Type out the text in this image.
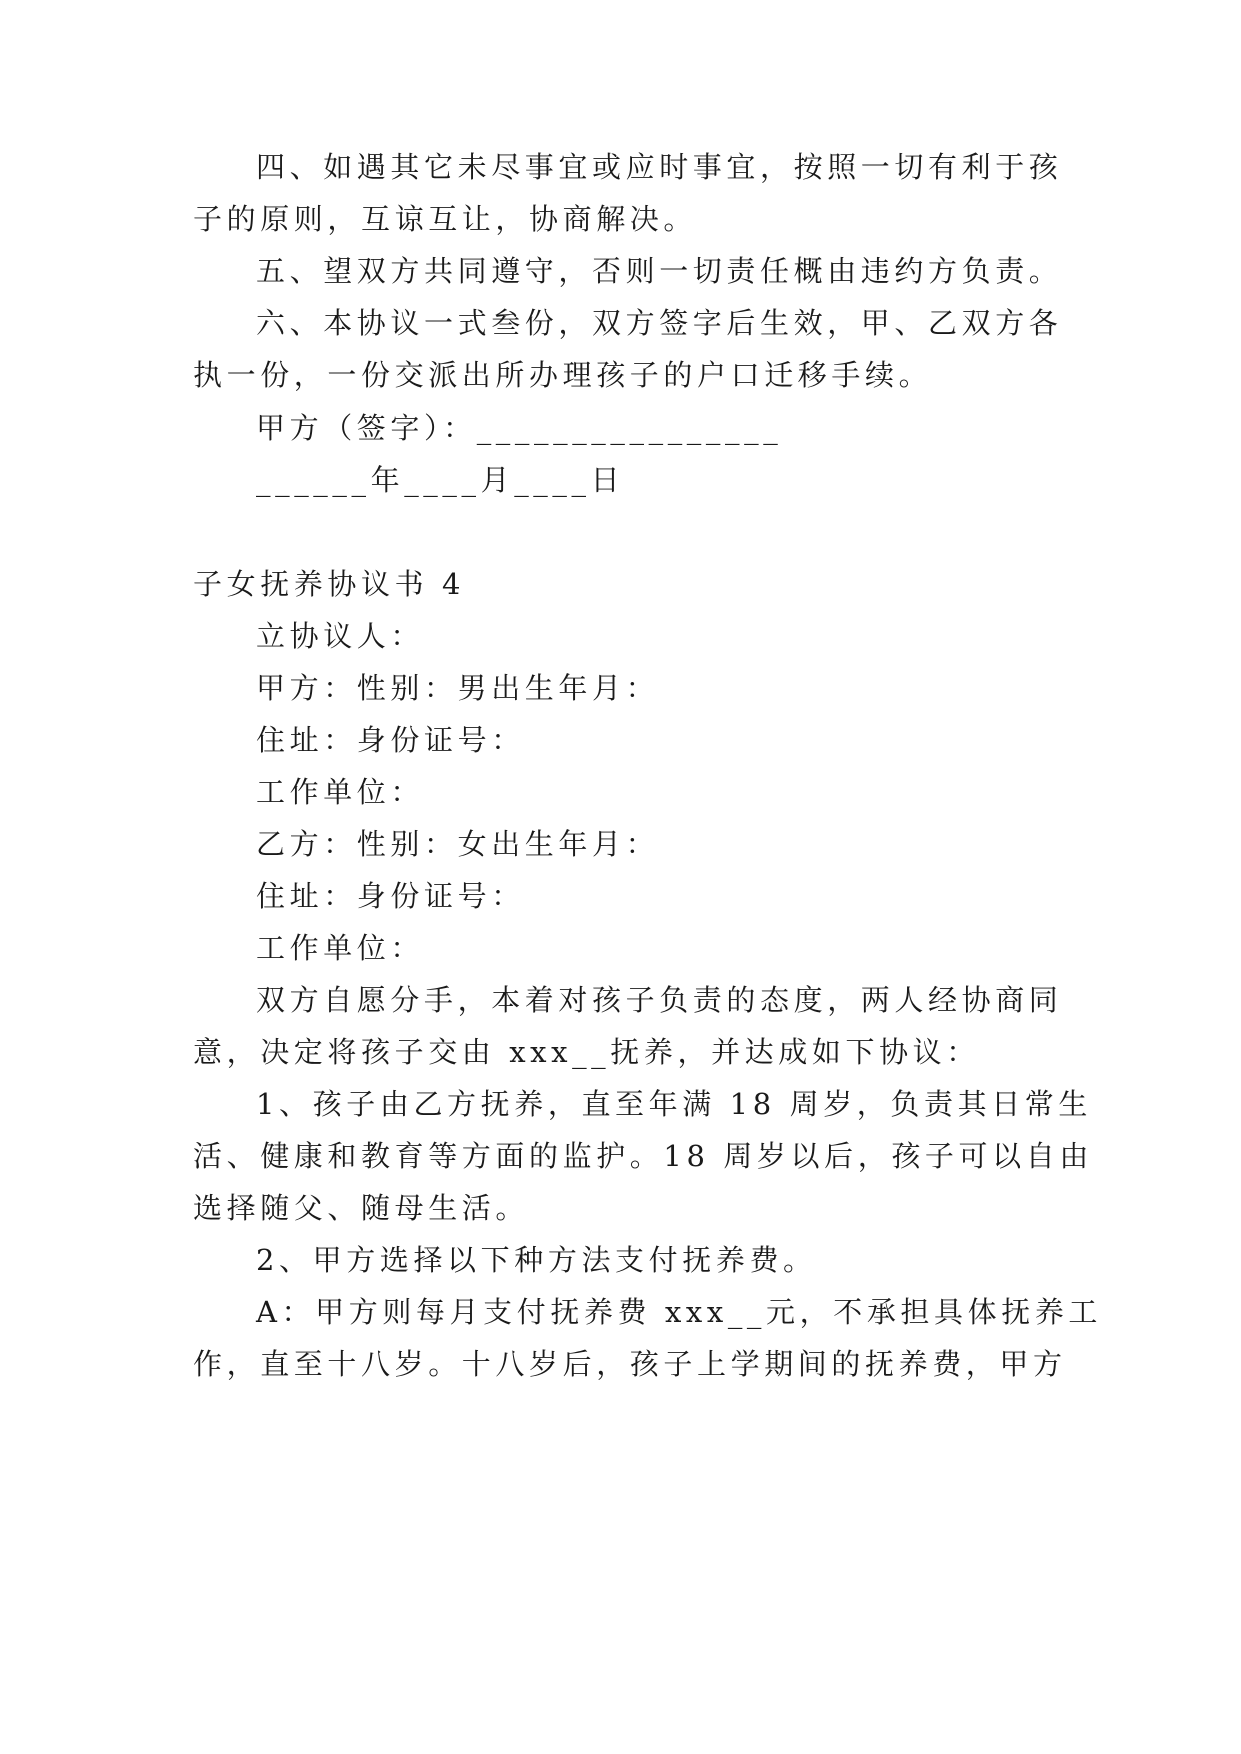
四、如遇其它未尽事宜或应时事宜，按照一切有利于孩
子的原则，互谅互让，协商解决。
五、望双方共同遵守，否则一切责任概由违约方负责。
六、本协议一式叁份，双方签字后生效，甲、乙双方各
执一份，一份交派出所办理孩子的户口迁移手续。
甲方（签字）：________________
______年____月____日
子女抚养协议书 4
立协议人：
甲方：性别：男出生年月：
住址：身份证号：
工作单位：
乙方：性别：女出生年月：
住址：身份证号：
工作单位：
双方自愿分手，本着对孩子负责的态度，两人经协商同
意，决定将孩子交由 xxx__抚养，并达成如下协议：
1、孩子由乙方抚养，直至年满 18 周岁，负责其日常生
活、健康和教育等方面的监护。18 周岁以后，孩子可以自由
选择随父、随母生活。
2、甲方选择以下种方法支付抚养费。
A：甲方则每月支付抚养费 xxx__元，不承担具体抚养工
作，直至十八岁。十八岁后，孩子上学期间的抚养费，甲方
